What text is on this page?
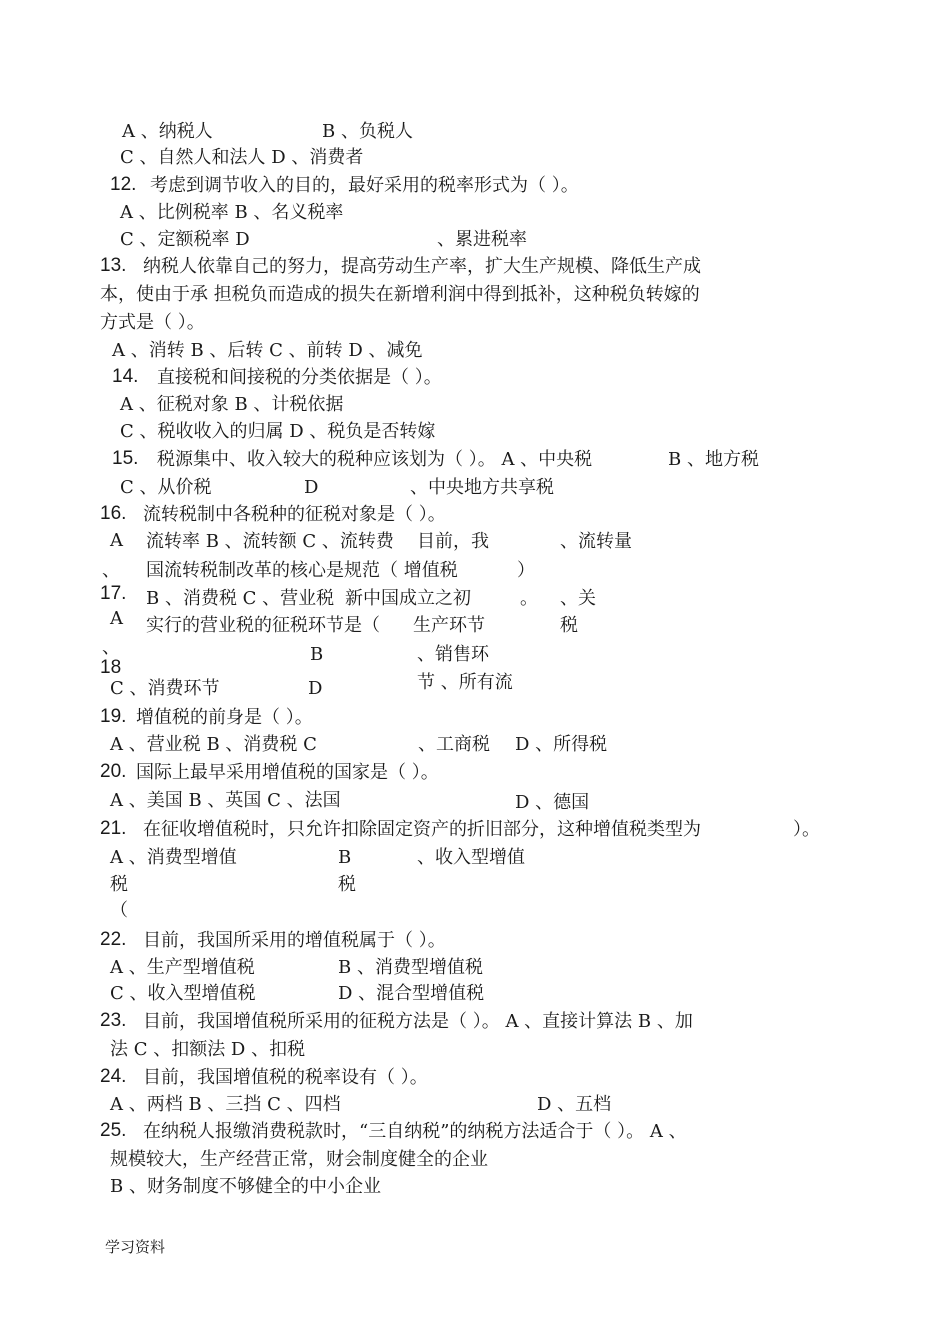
A 、纳税人	B 、负税人
C 、自然人和法人 D 、消费者
12. 考虑到调节收入的目的，最好采用的税率形式为（ ）。
A 、比例税率 B 、名义税率
C 、定额税率 D	、累进税率
13. 纳税人依靠自己的努力，提高劳动生产率，扩大生产规模、降低生产成
本，使由于承 担税负而造成的损失在新增利润中得到抵补，这种税负转嫁的
方式是（ ）。
A 、消转 B 、后转 C 、前转 D 、减免
14. 直接税和间接税的分类依据是（ ）。
A 、征税对象 B 、计税依据
C 、税收收入的归属 D 、税负是否转嫁
15. 税源集中、收入较大的税种应该划为（ ）。 A 、中央税	B 、地方税
C 、从价税	D	、中央地方共享税
16. 流转税制中各税种的征税对象是（ ）。
A 流转率 B 、流转额 C 、流转费 目前，我	、流转量
、 国流转税制改革的核心是规范（ 增值税	）
17. B 、消费税 C 、营业税 新中国成立之初	。 、关
A 实行的营业税的征税环节是（ 生产环节	税
、
18
B	、销售环
C 、消费环节	D	节 、所有流
19. 增值税的前身是（ ）。
A 、营业税 B 、消费税 C	、工商税 D 、所得税
20. 国际上最早采用增值税的国家是（ ）。
A 、美国 B 、英国 C 、法国	D 、德国
21. 在征收增值税时，只允许扣除固定资产的折旧部分，这种增值税类型为	）。
A 、消费型增值	B	、收入型增值
税	税
（
22. 目前，我国所采用的增值税属于（ ）。
A 、生产型增值税	B 、消费型增值税
C 、收入型增值税	D 、混合型增值税
23. 目前，我国增值税所采用的征税方法是（ ）。 A 、直接计算法 B 、加
法 C 、扣额法 D 、扣税
24. 目前，我国增值税的税率设有（ ）。
A 、两档 B 、三挡 C 、四档	D 、五档
25. 在纳税人报缴消费税款时，“三自纳税”的纳税方法适合于（ ）。 A 、
规模较大，生产经营正常，财会制度健全的企业
B 、财务制度不够健全的中小企业
学习资料
